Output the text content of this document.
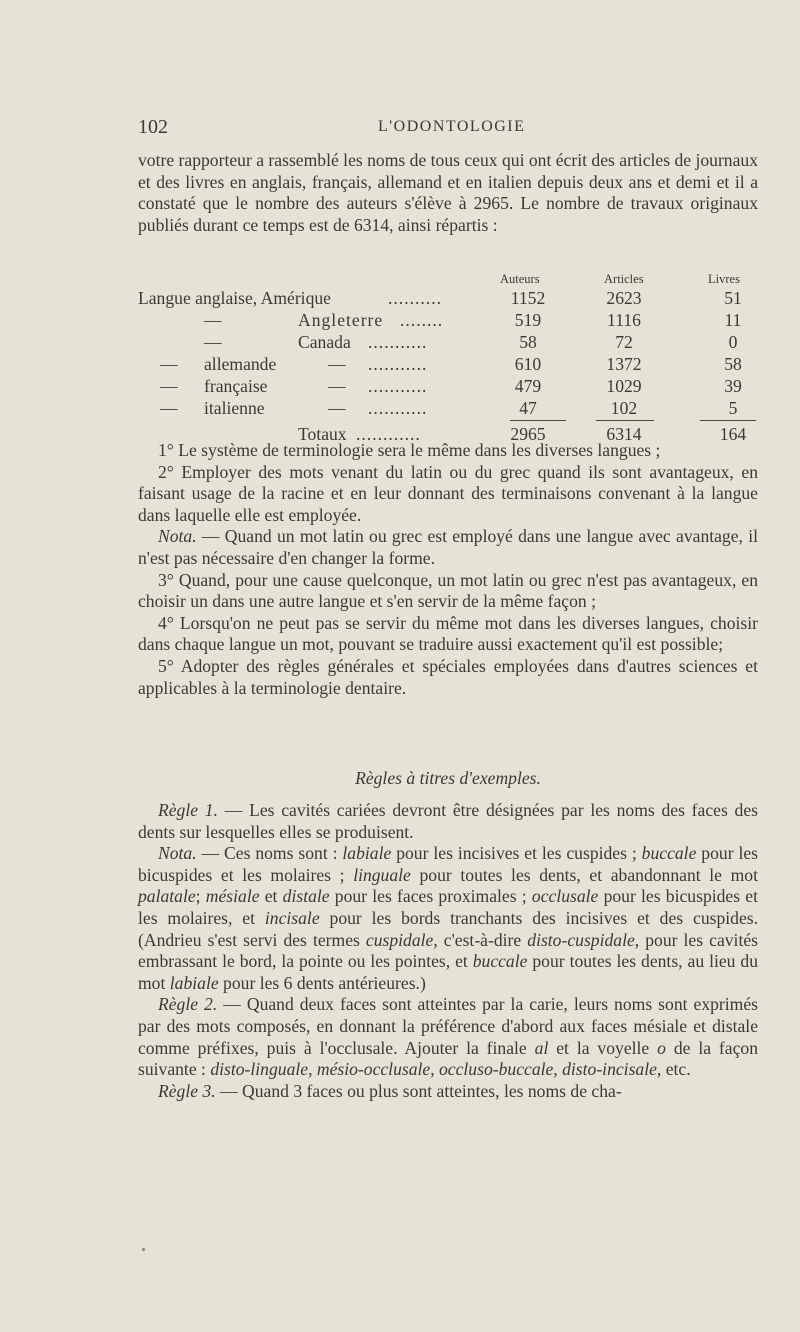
102	L'ODONTOLOGIE

votre rapporteur a rassemblé les noms de tous ceux qui ont écrit des articles de journaux et des livres en anglais, français, allemand et en italien depuis deux ans et demi et il a constaté que le nombre des auteurs s'élève à 2965. Le nombre de travaux originaux publiés durant ce temps est de 6314, ainsi répartis :

Auteurs	Articles	Livres
Langue anglaise, Amérique	..........	1152	2623	51
—	Angleterre ........	519	1116	11
—	Canada ...........	58	72	0
— allemande	— ...........	610	1372	58
— française	— ...........	479	1029	39
— italienne	— ...........	47	102	5
Totaux ............	2965	6314	164

1° Le système de terminologie sera le même dans les diverses langues ;

2° Employer des mots venant du latin ou du grec quand ils sont avantageux, en faisant usage de la racine et en leur donnant des terminaisons convenant à la langue dans laquelle elle est employée.

Nota. — Quand un mot latin ou grec est employé dans une langue avec avantage, il n'est pas nécessaire d'en changer la forme.

3° Quand, pour une cause quelconque, un mot latin ou grec n'est pas avantageux, en choisir un dans une autre langue et s'en servir de la même façon ;

4° Lorsqu'on ne peut pas se servir du même mot dans les diverses langues, choisir dans chaque langue un mot, pouvant se traduire aussi exactement qu'il est possible;

5° Adopter des règles générales et spéciales employées dans d'autres sciences et applicables à la terminologie dentaire.

Règles à titres d'exemples.

Règle 1. — Les cavités cariées devront être désignées par les noms des faces des dents sur lesquelles elles se produisent.

Nota. — Ces noms sont : labiale pour les incisives et les cuspides ; buccale pour les bicuspides et les molaires ; linguale pour toutes les dents, et abandonnant le mot palatale; mésiale et distale pour les faces proximales ; occlusale pour les bicuspides et les molaires, et incisale pour les bords tranchants des incisives et des cuspides. (Andrieu s'est servi des termes cuspidale, c'est-à-dire disto-cuspidale, pour les cavités embrassant le bord, la pointe ou les pointes, et buccale pour toutes les dents, au lieu du mot labiale pour les 6 dents antérieures.)

Règle 2. — Quand deux faces sont atteintes par la carie, leurs noms sont exprimés par des mots composés, en donnant la préférence d'abord aux faces mésiale et distale comme préfixes, puis à l'occlusale. Ajouter la finale al et la voyelle o de la façon suivante : disto-linguale, mésio-occlusale, occluso-buccale, disto-incisale, etc.

Règle 3. — Quand 3 faces ou plus sont atteintes, les noms de cha-
